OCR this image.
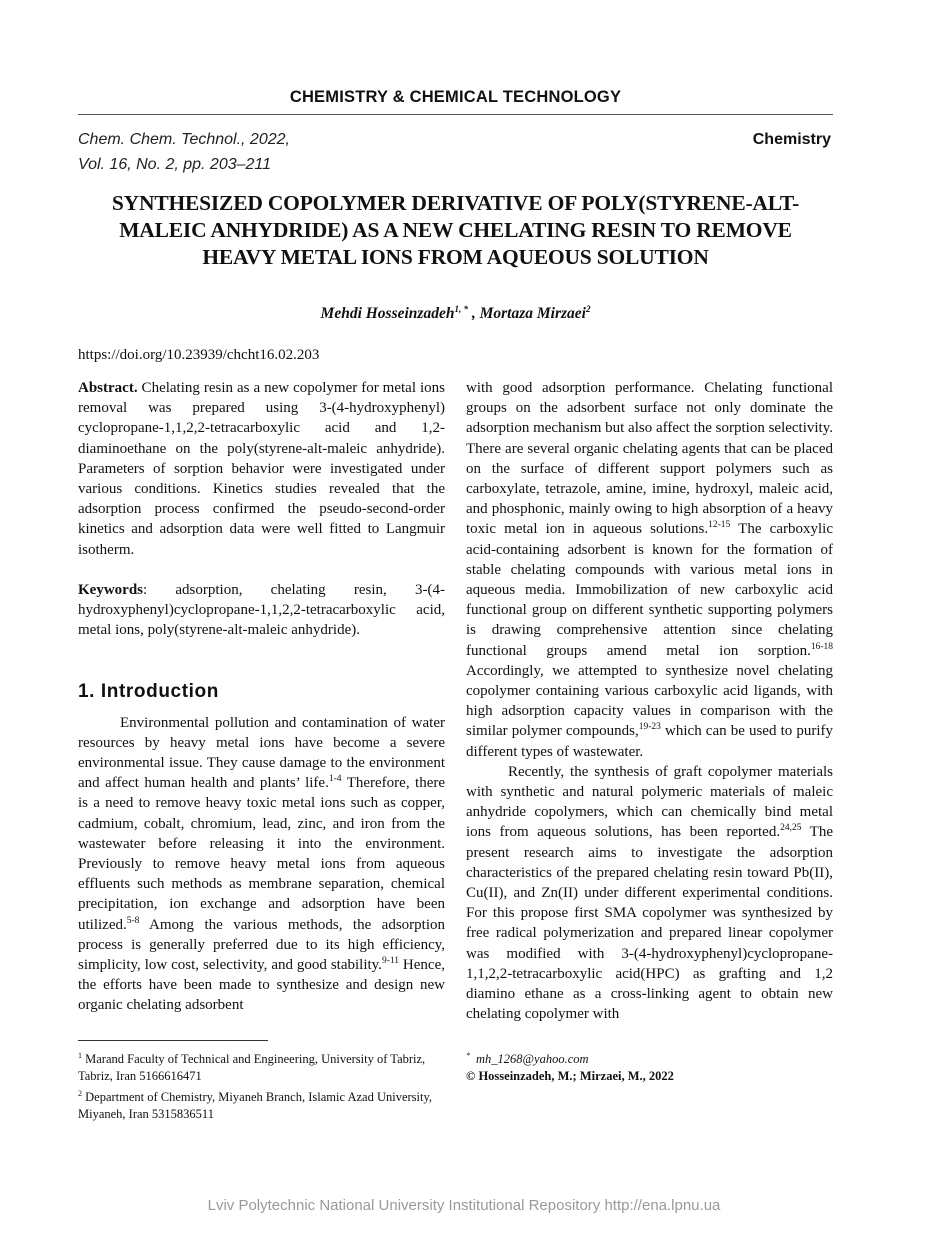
CHEMISTRY & CHEMICAL TECHNOLOGY
Chem. Chem. Technol., 2022,
Vol. 16, No. 2, pp. 203–211
Chemistry
SYNTHESIZED COPOLYMER DERIVATIVE OF POLY(STYRENE-ALT-
MALEIC ANHYDRIDE) AS A NEW CHELATING RESIN TO REMOVE
HEAVY METAL IONS FROM AQUEOUS SOLUTION
Mehdi Hosseinzadeh$^{1, *}$ , Mortaza Mirzaei$^2$
https://doi.org/10.23939/chcht16.02.203

Abstract. Chelating resin as a new copolymer for metal ions removal was prepared using 3-(4-hydroxyphenyl) cyclopropane-1,1,2,2-tetracarboxylic acid and 1,2-diaminoethane on the poly(styrene-alt-maleic anhydride). Parameters of sorption behavior were investigated under various conditions. Kinetics studies revealed that the adsorption process confirmed the pseudo-second-order kinetics and adsorption data were well fitted to Langmuir isotherm.

Keywords: adsorption, chelating resin, 3-(4-hydroxyphenyl)cyclopropane-1,1,2,2-tetracarboxylic acid, metal ions, poly(styrene-alt-maleic anhydride).

1. Introduction

Environmental pollution and contamination of water resources by heavy metal ions have become a severe environmental issue. They cause damage to the environment and affect human health and plants’ life.$^{1-4}$ Therefore, there is a need to remove heavy toxic metal ions such as copper, cadmium, cobalt, chromium, lead, zinc, and iron from the wastewater before releasing it into the environment. Previously to remove heavy metal ions from aqueous effluents such methods as membrane separation, chemical precipitation, ion exchange and adsorption have been utilized.$^{5-8}$ Among the various methods, the adsorption process is generally preferred due to its high efficiency, simplicity, low cost, selectivity, and good stability.$^{9-11}$ Hence, the efforts have been made to synthesize and design new organic chelating adsorbent

with good adsorption performance. Chelating functional groups on the adsorbent surface not only dominate the adsorption mechanism but also affect the sorption selectivity. There are several organic chelating agents that can be placed on the surface of different support polymers such as carboxylate, tetrazole, amine, imine, hydroxyl, maleic acid, and phosphonic, mainly owing to high absorption of a heavy toxic metal ion in aqueous solutions.$^{12-15}$ The carboxylic acid-containing adsorbent is known for the formation of stable chelating compounds with various metal ions in aqueous media. Immobilization of new carboxylic acid functional group on different synthetic supporting polymers is drawing comprehensive attention since chelating functional groups amend metal ion sorption.$^{16-18}$ Accordingly, we attempted to synthesize novel chelating copolymer containing various carboxylic acid ligands, with high adsorption capacity values in comparison with the similar polymer compounds,$^{19-23}$ which can be used to purify different types of wastewater.

Recently, the synthesis of graft copolymer materials with synthetic and natural polymeric materials of maleic anhydride copolymers, which can chemically bind metal ions from aqueous solutions, has been reported.$^{24,25}$ The present research aims to investigate the adsorption characteristics of the prepared chelating resin toward Pb(II), Cu(II), and Zn(II) under different experimental conditions. For this propose first SMA copolymer was synthesized by free radical polymerization and prepared linear copolymer was modified with 3-(4-hydroxyphenyl)cyclopropane-1,1,2,2-tetracarboxylic acid(HPC) as grafting and 1,2 diamino ethane as a cross-linking agent to obtain new chelating copolymer with

$^1$ Marand Faculty of Technical and Engineering, University of Tabriz, Tabriz, Iran 5166616471
$^2$ Department of Chemistry, Miyaneh Branch, Islamic Azad University, Miyaneh, Iran 5315836511
* mh_1268@yahoo.com
© Hosseinzadeh, M.; Mirzaei, M., 2022
Lviv Polytechnic National University Institutional Repository http://ena.lpnu.ua
